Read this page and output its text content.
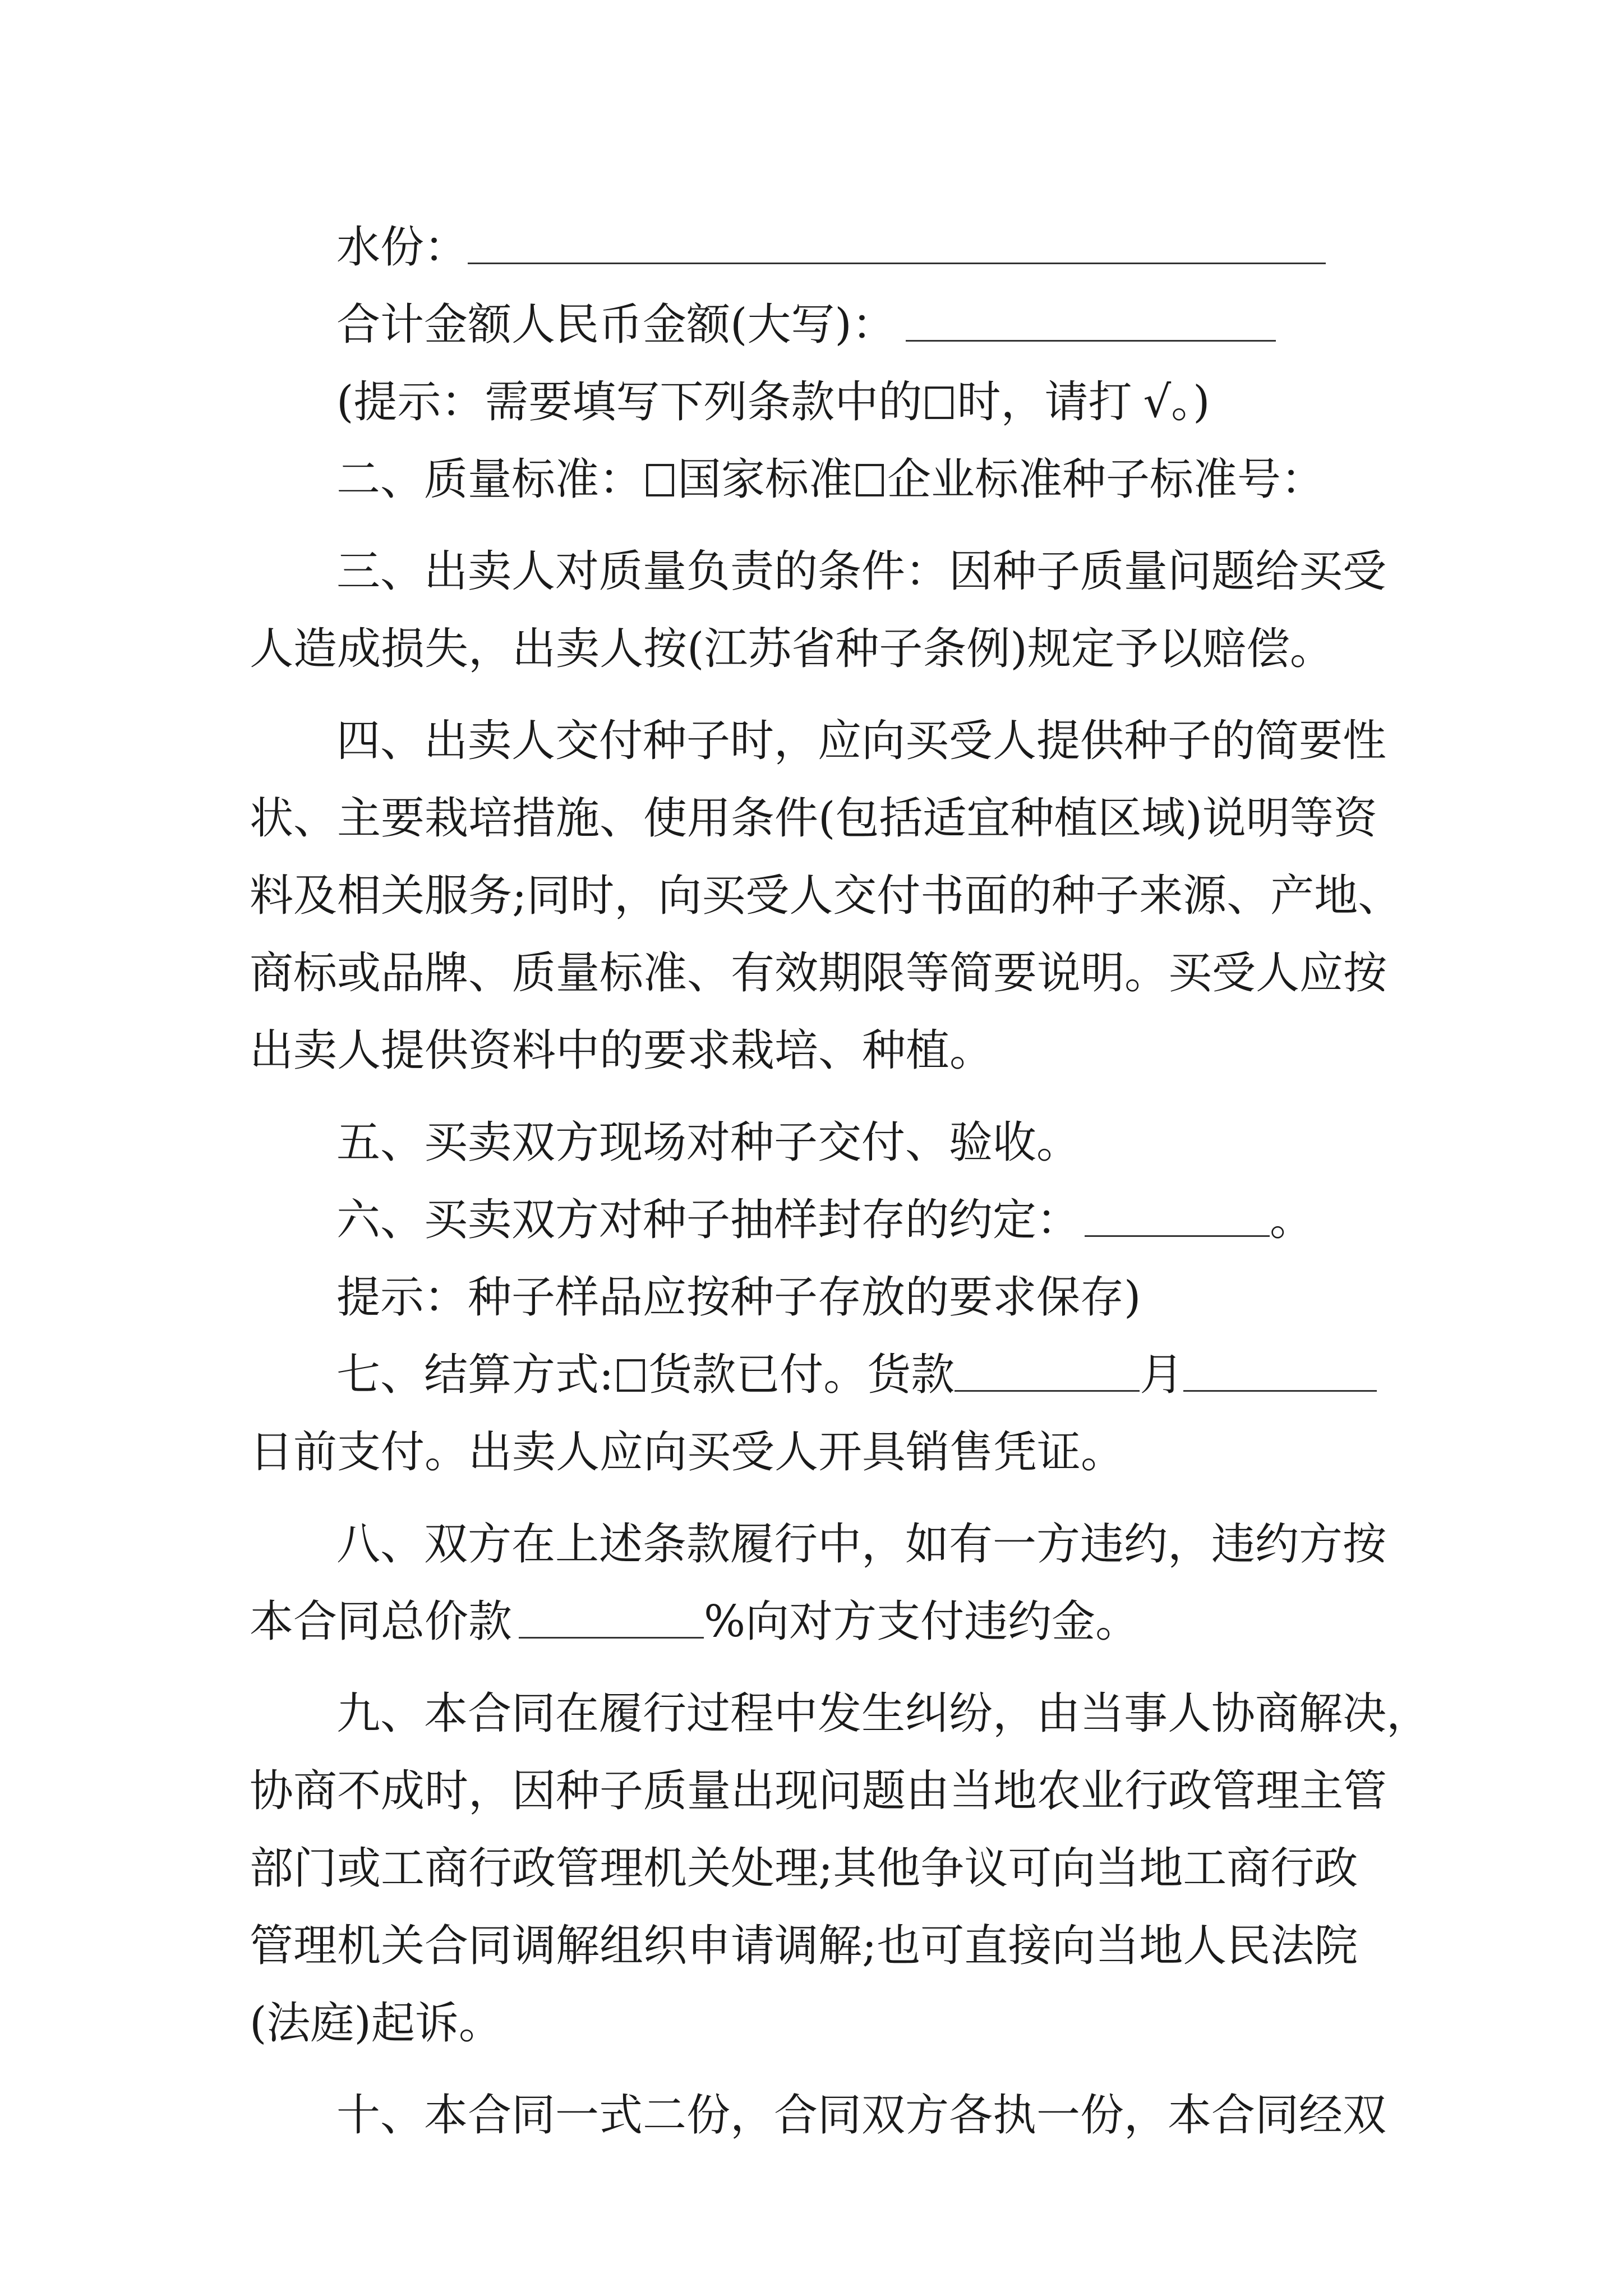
水份：
合计金额人民币金额(大写)：
(提示：需要填写下列条款中的 时，请打 √。)
二、质量标准： 国家标准 企业标准种子标准号：
三、出卖人对质量负责的条件：因种子质量问题给买受
人造成损失，出卖人按(江苏省种子条例)规定予以赔偿。
四、出卖人交付种子时，应向买受人提供种子的简要性
状、主要栽培措施、使用条件(包括适宜种植区域)说明等资
料及相关服务;同时，向买受人交付书面的种子来源、产地、
商标或品牌、质量标准、有效期限等简要说明。买受人应按
出卖人提供资料中的要求栽培、种植。
五、买卖双方现场对种子交付、验收。
六、买卖双方对种子抽样封存的约定：	。
提示：种子样品应按种子存放的要求保存)
七、结算方式: 货款已付。货款	月
日前支付。出卖人应向买受人开具销售凭证。
八、双方在上述条款履行中，如有一方违约，违约方按
本合同总价款	%向对方支付违约金。
九、本合同在履行过程中发生纠纷，由当事人协商解决，
协商不成时，因种子质量出现问题由当地农业行政管理主管
部门或工商行政管理机关处理;其他争议可向当地工商行政
管理机关合同调解组织申请调解;也可直接向当地人民法院
(法庭)起诉。
十、本合同一式二份，合同双方各执一份，本合同经双
